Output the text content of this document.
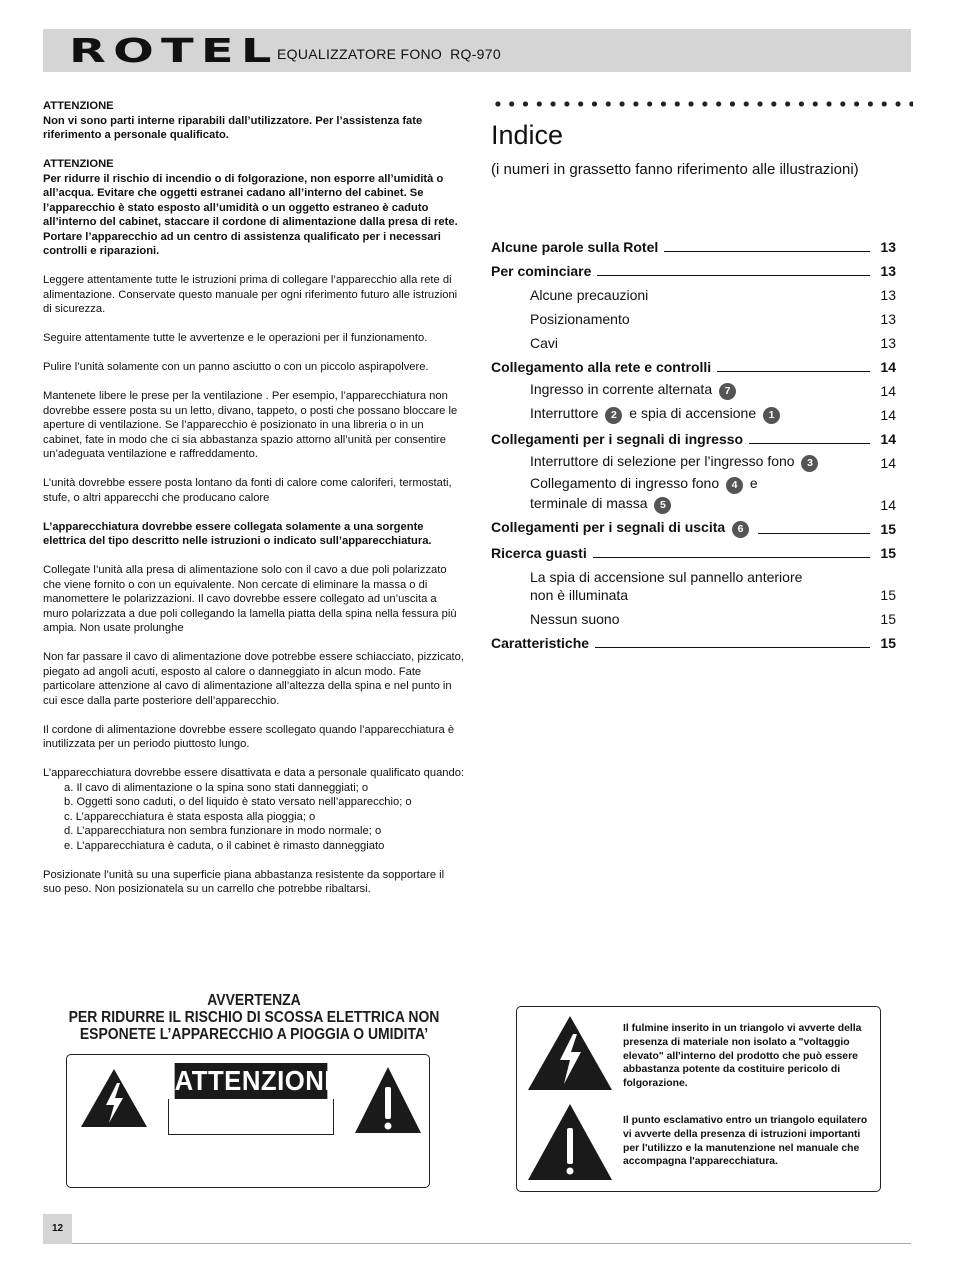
ROTEL
EQUALIZZATORE FONO RQ-970

ATTENZIONE
Non vi sono parti interne riparabili dall’utilizzatore. Per l’assistenza fate riferimento a personale qualificato.

ATTENZIONE
Per ridurre il rischio di incendio o di folgorazione, non esporre all’umidità o all’acqua. Evitare che oggetti estranei cadano all’interno del cabinet. Se l’apparecchio è stato esposto all’umidità o un oggetto estraneo è caduto all’interno del cabinet, staccare il cordone di alimentazione dalla presa di rete. Portare l’apparecchio ad un centro di assistenza qualificato per i necessari controlli e riparazioni.

Leggere attentamente tutte le istruzioni prima di collegare l’apparecchio alla rete di alimentazione. Conservate questo manuale per ogni riferimento futuro alle istruzioni di sicurezza.

Seguire attentamente tutte le avvertenze e le operazioni per il funzionamento.

Pulire l’unità solamente con un panno asciutto o con un piccolo aspirapolvere.

Mantenete libere le prese per la ventilazione . Per esempio, l’apparecchiatura non dovrebbe essere posta su un letto, divano, tappeto, o posti che possano bloccare le aperture di ventilazione. Se l’apparecchio è posizionato in una libreria o in un cabinet, fate in modo che ci sia abbastanza spazio attorno all’unità per consentire un’adeguata ventilazione e raffreddamento.

L’unità dovrebbe essere posta lontano da fonti di calore come caloriferi, termostati, stufe, o altri apparecchi che producano calore

L’apparecchiatura dovrebbe essere collegata solamente a una sorgente elettrica del tipo descritto nelle istruzioni o indicato sull’apparecchiatura.

Collegate l’unità alla presa di alimentazione solo con il cavo a due poli polarizzato che viene fornito o con un equivalente. Non cercate di eliminare la massa o di manomettere le polarizzazioni. Il cavo dovrebbe essere collegato ad un’uscita a muro polarizzata a due poli collegando la lamella piatta della spina nella fessura più ampia. Non usate prolunghe

Non far passare il cavo di alimentazione dove potrebbe essere schiacciato, pizzicato, piegato ad angoli acuti, esposto al calore o danneggiato in alcun modo. Fate particolare attenzione al cavo di alimentazione all’altezza della spina e nel punto in cui esce dalla parte posteriore dell’apparecchio.

Il cordone di alimentazione dovrebbe essere scollegato quando l’apparecchiatura è inutilizzata per un periodo piuttosto lungo.

L’apparecchiatura dovrebbe essere disattivata e data a personale qualificato quando:

a. Il cavo di alimentazione o la spina sono stati danneggiati; o
b. Oggetti sono caduti, o del liquido è stato versato nell’apparecchio; o
c. L’apparecchiatura è stata esposta alla pioggia; o
d. L’apparecchiatura non sembra funzionare in modo normale; o
e. L’apparecchiatura è caduta, o il cabinet è rimasto danneggiato

Posizionate l’unità su una superficie piana abbastanza resistente da sopportare il suo peso. Non posizionatela su un carrello che potrebbe ribaltarsi.

Indice
(i numeri in grassetto fanno riferimento alle illustrazioni)
Alcune parole sulla Rotel	13
Per cominciare	13
Alcune precauzioni	13
Posizionamento	13
Cavi	13
Collegamento alla rete e controlli	14
Ingresso in corrente alternata 7	14
Interruttore 2 e spia di accensione 1	14
Collegamenti per i segnali di ingresso	14
Interruttore di selezione per l’ingresso fono 3	14
Collegamento di ingresso fono 4 e
terminale di massa 5	14
Collegamenti per i segnali di uscita 6	15
Ricerca guasti	15
La spia di accensione sul pannello anteriore
non è illuminata	15
Nessun suono	15
Caratteristiche	15
AVVERTENZA
PER RIDURRE IL RISCHIO DI SCOSSA ELETTRICA NON
ESPONETE L’APPARECCHIO A PIOGGIA O UMIDITA’
ATTENZIONE
Il fulmine inserito in un triangolo vi avverte della presenza di materiale non isolato a "voltaggio elevato" all'interno del prodotto che può essere abbastanza potente da costituire pericolo di folgorazione.
Il punto esclamativo entro un triangolo equilatero vi avverte della presenza di istruzioni importanti per l'utilizzo e la manutenzione nel manuale che accompagna l'apparecchiatura.
12
